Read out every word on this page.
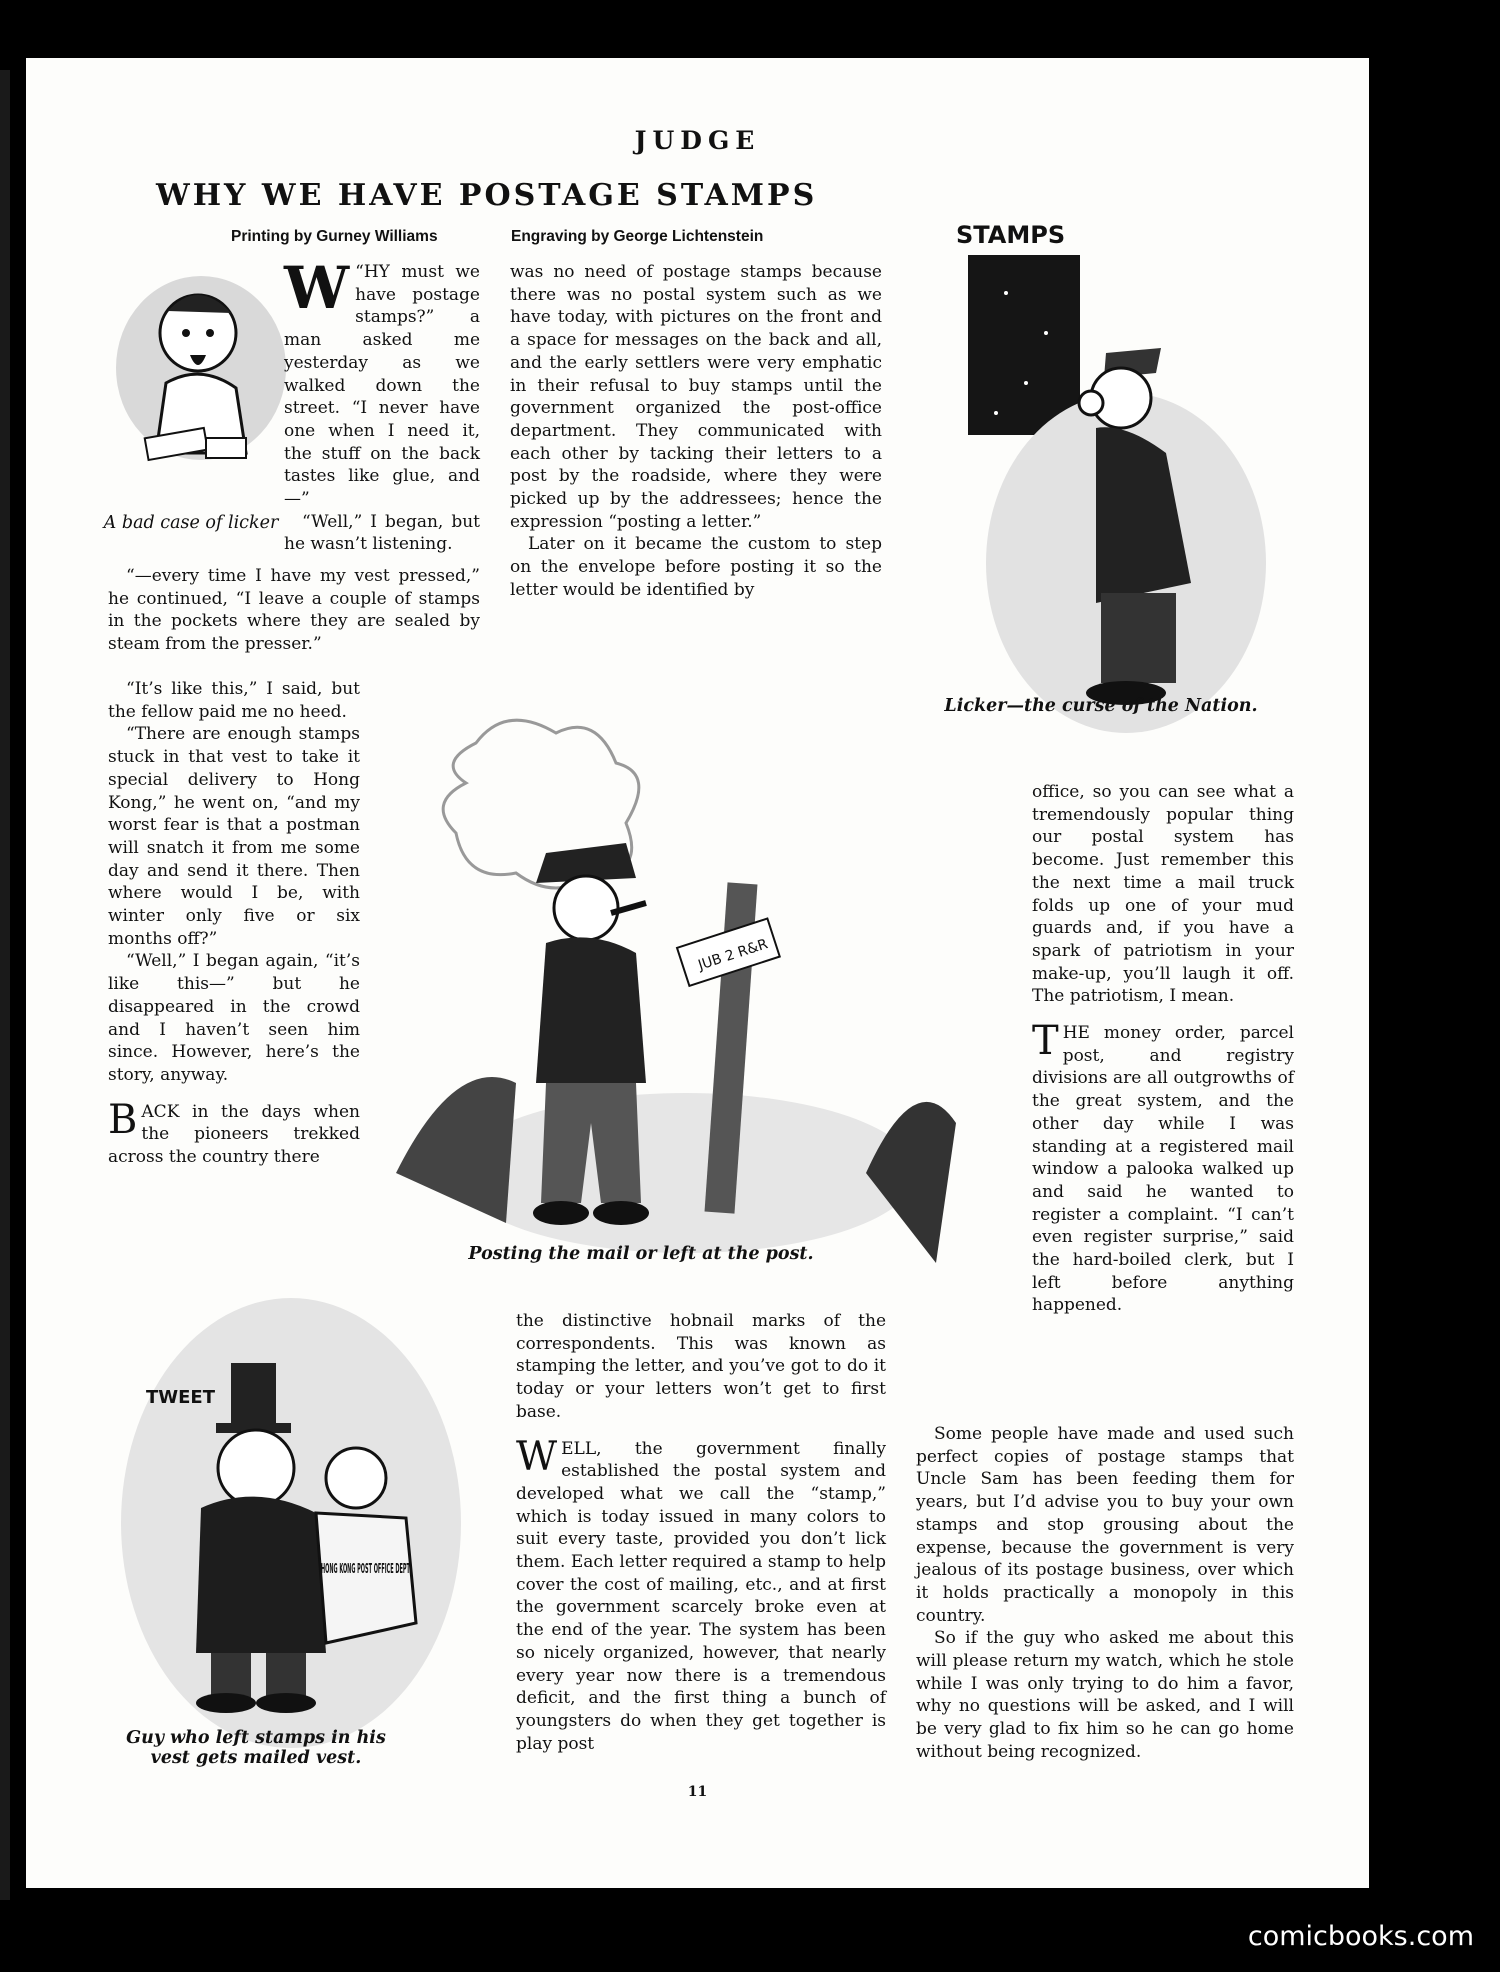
JUDGE
WHY WE HAVE POSTAGE STAMPS
Printing by Gurney Williams	Engraving by George Lichtenstein
A bad case of licker
W “HY must we have postage stamps?” a man asked me yesterday as we walked down the street. “I never have one when I need it, the stuff on the back tastes like glue, and—”

“Well,” I began, but he wasn’t listening.

“—every time I have my vest pressed,” he continued, “I leave a couple of stamps in the pockets where they are sealed by steam from the presser.”

“It’s like this,” I said, but the fellow paid me no heed.

“There are enough stamps stuck in that vest to take it special delivery to Hong Kong,” he went on, “and my worst fear is that a postman will snatch it from me some day and send it there. Then where would I be, with winter only five or six months off?”

“Well,” I began again, “it’s like this—” but he disappeared in the crowd and I haven’t seen him since. However, here’s the story, anyway.

BACK in the days when the pioneers trekked across the country there

was no need of postage stamps because there was no postal system such as we have today, with pictures on the front and a space for messages on the back and all, and the early settlers were very emphatic in their refusal to buy stamps until the government organized the post-office department. They communicated with each other by tacking their letters to a post by the roadside, where they were picked up by the addressees; hence the expression “posting a letter.”

Later on it became the custom to step on the envelope before posting it so the letter would be identified by

STAMPS
Licker—the curse of the Nation.
JUB 2 R&R
Posting the mail or left at the post.

office, so you can see what a tremendously popular thing our postal system has become. Just remember this the next time a mail truck folds up one of your mud guards and, if you have a spark of patriotism in your make-up, you’ll laugh it off. The patriotism, I mean.

THE money order, parcel post, and registry divisions are all outgrowths of the great system, and the other day while I was standing at a registered mail window a palooka walked up and said he wanted to register a complaint. “I can’t even register surprise,” said the hard-boiled clerk, but I left before anything happened.

Some people have made and used such perfect copies of postage stamps that Uncle Sam has been feeding them for years, but I’d advise you to buy your own stamps and stop grousing about the expense, because the government is very jealous of its postage business, over which it holds practically a monopoly in this country.

So if the guy who asked me about this will please return my watch, which he stole while I was only trying to do him a favor, why no questions will be asked, and I will be very glad to fix him so he can go home without being recognized.

TWEET
HONG KONG POST OFFICE DEPT.
Guy who left stamps in his vest gets mailed vest.

the distinctive hobnail marks of the correspondents. This was known as stamping the letter, and you’ve got to do it today or your letters won’t get to first base.

WELL, the government finally established the postal system and developed what we call the “stamp,” which is today issued in many colors to suit every taste, provided you don’t lick them. Each letter required a stamp to help cover the cost of mailing, etc., and at first the government scarcely broke even at the end of the year. The system has been so nicely organized, however, that nearly every year now there is a tremendous deficit, and the first thing a bunch of youngsters do when they get together is play post

11
comicbooks.com
